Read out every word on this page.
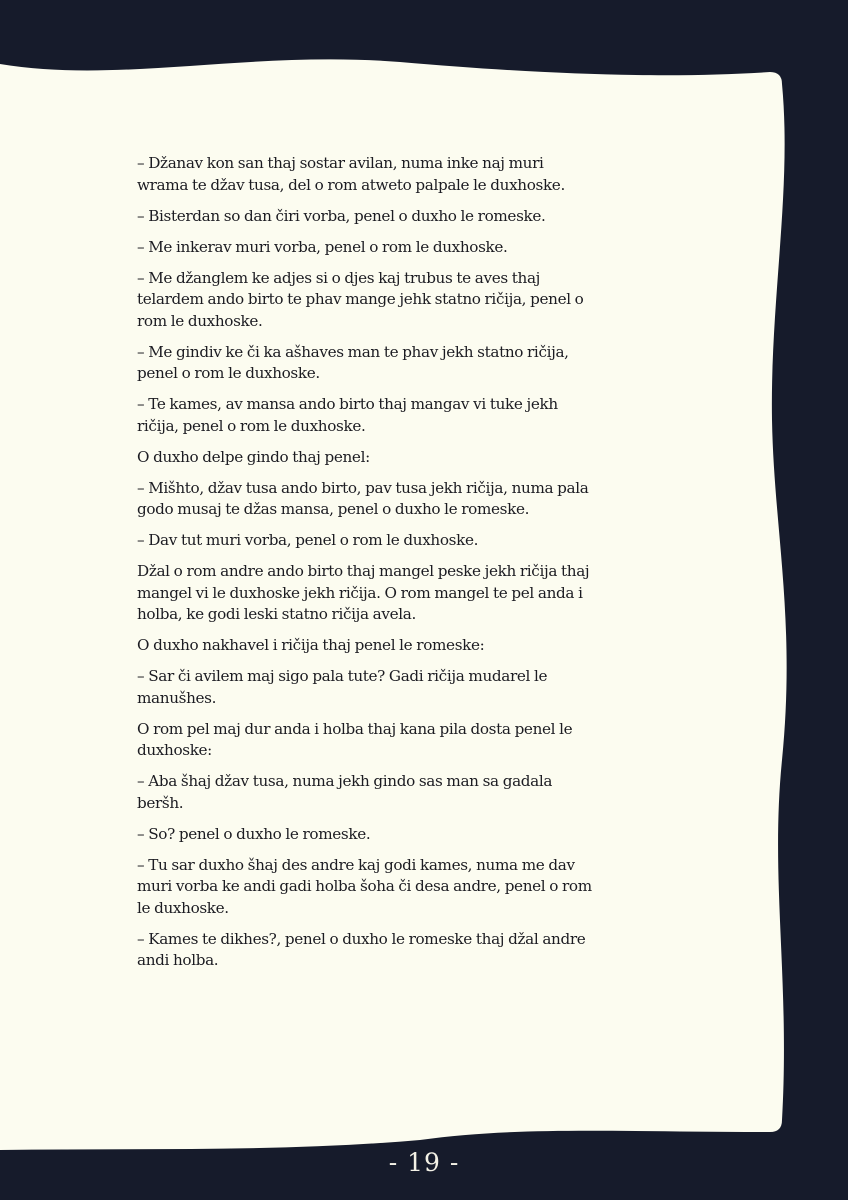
– Džanav kon san thaj sostar avilan, numa inke naj muri wrama te džav tusa, del o rom atweto palpale le duxhoske.

– Bisterdan so dan čiri vorba, penel o duxho le romeske.

– Me inkerav muri vorba, penel o rom le duxhoske.

– Me džanglem ke adjes si o djes kaj trubus te aves thaj telardem ando birto te phav mange jehk statno ričija, penel o rom le duxhoske.

– Me gindiv ke či ka ašhaves man te phav jekh statno ričija, penel o rom le duxhoske.

– Te kames, av mansa ando birto thaj mangav vi tuke jekh ričija, penel o rom le duxhoske.

O duxho delpe gindo thaj penel:

– Mišhto, džav tusa ando birto, pav tusa jekh ričija, numa pala godo musaj te džas mansa, penel o duxho le romeske.

– Dav tut muri vorba, penel o rom le duxhoske.

Džal o rom andre ando birto thaj mangel peske jekh ričija thaj mangel vi le duxhoske jekh ričija. O rom mangel te pel anda i holba, ke godi leski statno ričija avela.

O duxho nakhavel i ričija thaj penel le romeske:

– Sar či avilem maj sigo pala tute? Gadi ričija mudarel le manušhes.

O rom pel maj dur anda i holba thaj kana pila dosta penel le duxhoske:

– Aba šhaj džav tusa, numa jekh gindo sas man sa gadala beršh.

– So? penel o duxho le romeske.

– Tu sar duxho šhaj des andre kaj godi kames, numa me dav muri vorba ke andi gadi holba šoha či desa andre, penel o rom le duxhoske.

– Kames te dikhes?, penel o duxho le romeske thaj džal andre andi holba.

- 19 -
